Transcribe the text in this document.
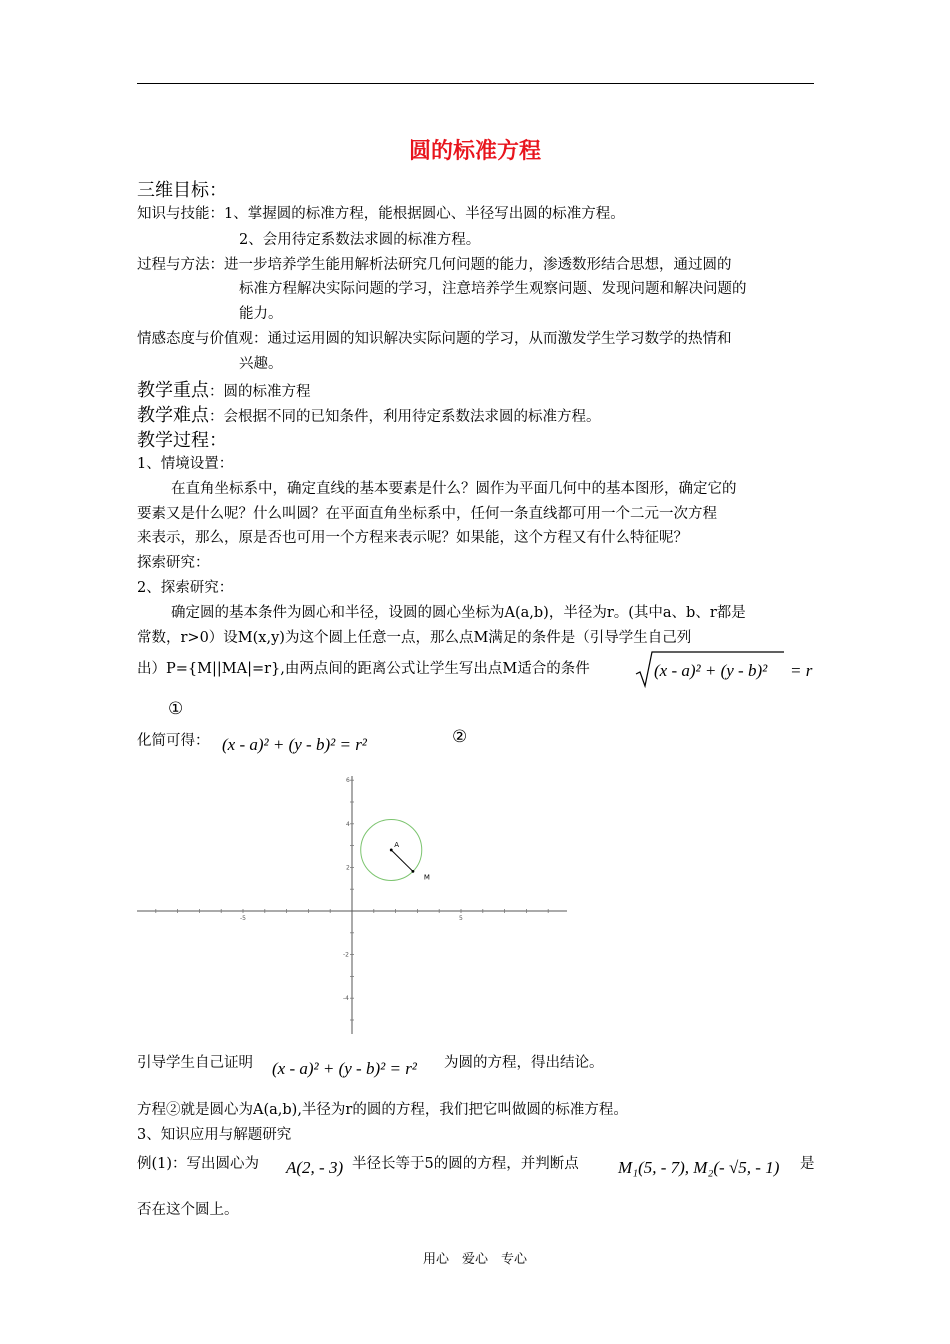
圆的标准方程
三维目标：
知识与技能：1、掌握圆的标准方程，能根据圆心、半径写出圆的标准方程。
2、会用待定系数法求圆的标准方程。
过程与方法：进一步培养学生能用解析法研究几何问题的能力，渗透数形结合思想，通过圆的
标准方程解决实际问题的学习，注意培养学生观察问题、发现问题和解决问题的
能力。
情感态度与价值观：通过运用圆的知识解决实际问题的学习，从而激发学生学习数学的热情和
兴趣。
教学重点：圆的标准方程
教学难点：会根据不同的已知条件，利用待定系数法求圆的标准方程。
教学过程：
1、情境设置：
在直角坐标系中，确定直线的基本要素是什么？圆作为平面几何中的基本图形，确定它的
要素又是什么呢？什么叫圆？在平面直角坐标系中，任何一条直线都可用一个二元一次方程
来表示，那么，原是否也可用一个方程来表示呢？如果能，这个方程又有什么特征呢？
探索研究：
2、探索研究：
确定圆的基本条件为圆心和半径，设圆的圆心坐标为A(a,b)，半径为r。(其中a、b、r都是
常数，r>0）设M(x,y)为这个圆上任意一点，那么点M满足的条件是（引导学生自己列
出）P={M||MA|=r},由两点间的距离公式让学生写出点M适合的条件	(x - a)² + (y - b)² = r
①
化简可得： (x - a)² + (y - b)² = r²	②
A
M
-5	5
6
4
2
-2
-4
引导学生自己证明 (x - a)² + (y - b)² = r² 为圆的方程，得出结论。
方程②就是圆心为A(a,b),半径为r的圆的方程，我们把它叫做圆的标准方程。
3、知识应用与解题研究
例(1)：写出圆心为 A(2, - 3) 半径长等于5的圆的方程，并判断点 M₁(5, - 7), M₂(- √5, - 1) 是
否在这个圆上。
用心　爱心　专心
